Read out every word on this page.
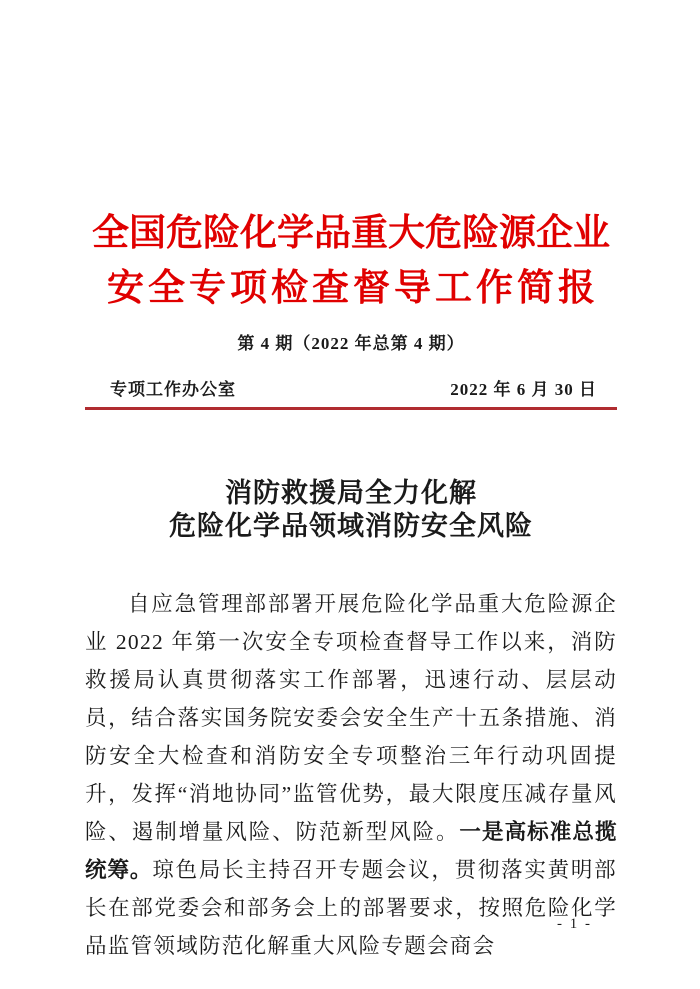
全国危险化学品重大危险源企业
安全专项检查督导工作简报
第 4 期（2022 年总第 4 期）
专项工作办公室	2022 年 6 月 30 日
消防救援局全力化解
危险化学品领域消防安全风险

自应急管理部部署开展危险化学品重大危险源企业 2022 年第一次安全专项检查督导工作以来，消防救援局认真贯彻落实工作部署，迅速行动、层层动员，结合落实国务院安委会安全生产十五条措施、消防安全大检查和消防安全专项整治三年行动巩固提升，发挥“消地协同”监管优势，最大限度压减存量风险、遏制增量风险、防范新型风险。一是高标准总揽统筹。琼色局长主持召开专题会议，贯彻落实黄明部长在部党委会和部务会上的部署要求，按照危险化学品监管领域防范化解重大风险专题会商会

- 1 -
